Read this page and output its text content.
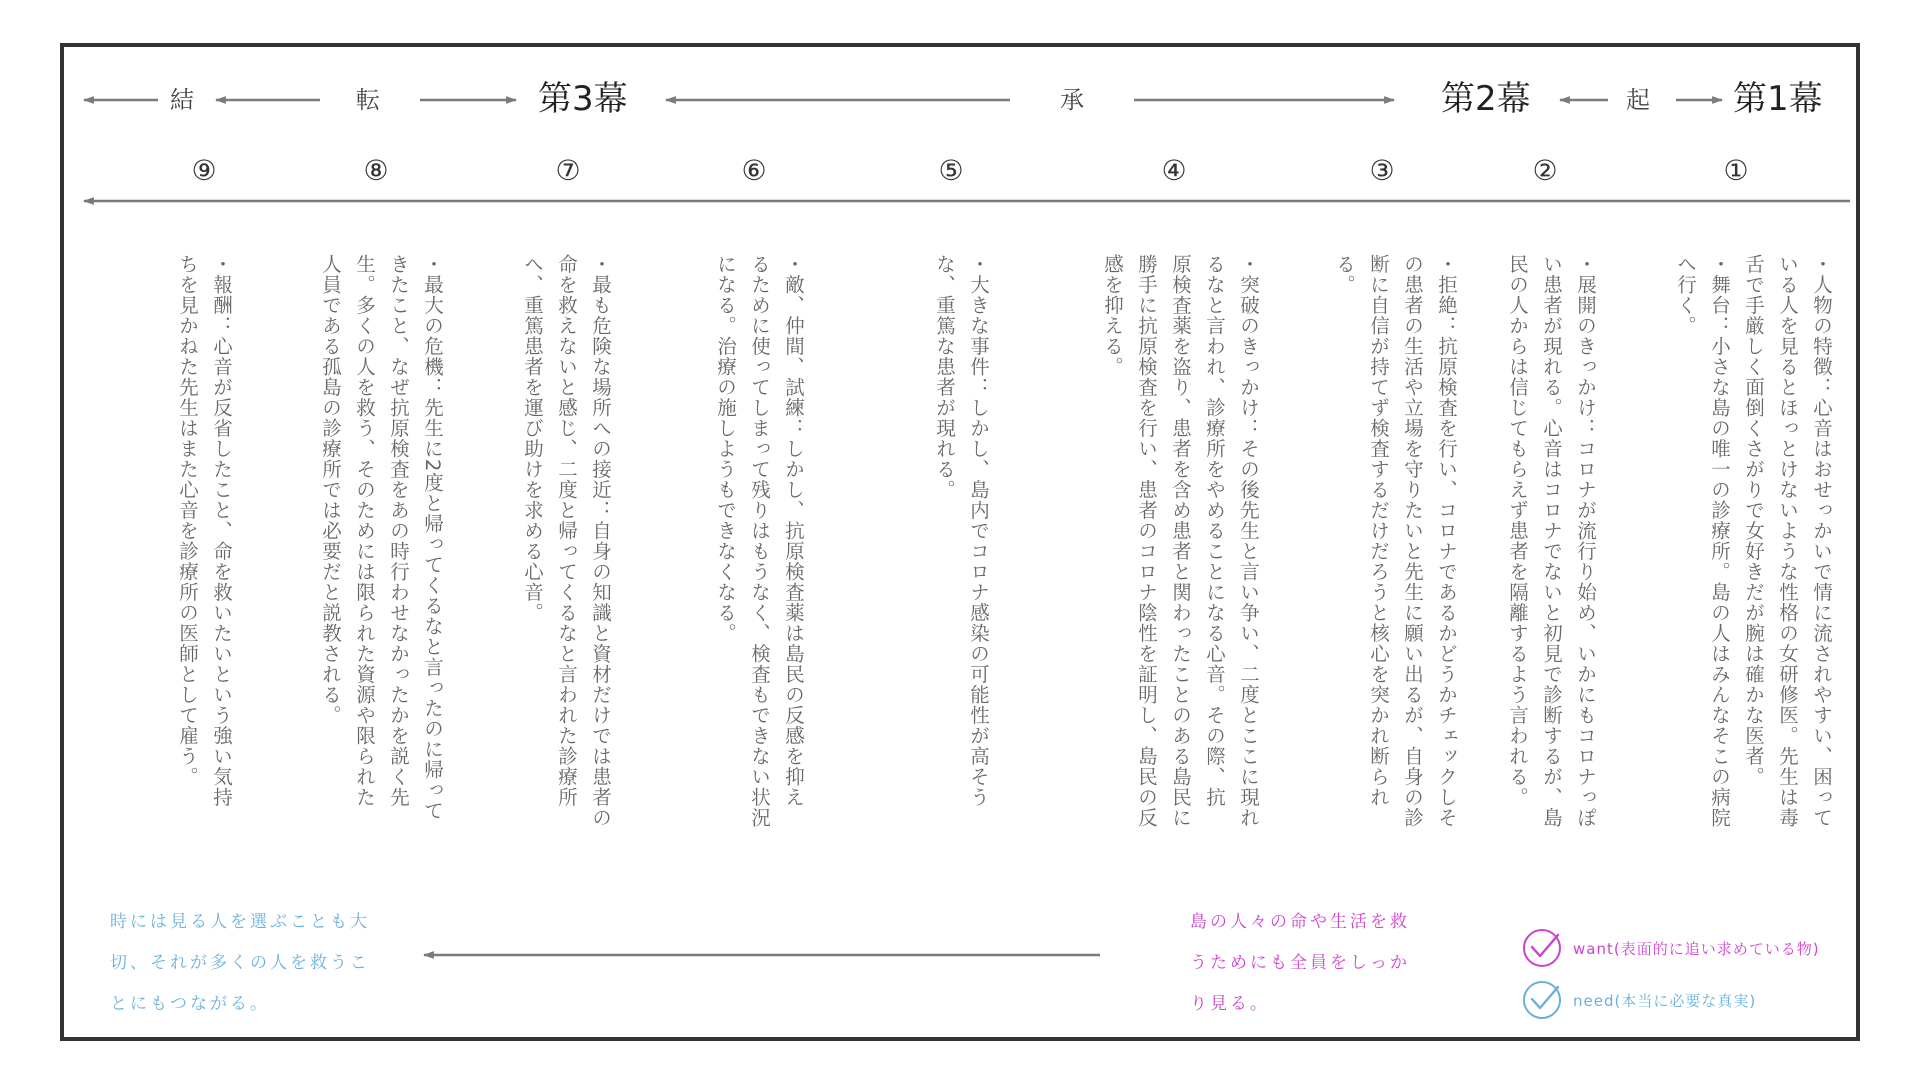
第1幕
起
第2幕
承
第3幕
転
結
①
②
③
④
⑤
⑥
⑦
⑧
⑨

・人物の特徴：心音はおせっかいで情に流されやすい、困って

いる人を見るとほっとけないような性格の女研修医。先生は毒

舌で手厳しく面倒くさがりで女好きだが腕は確かな医者。

・舞台：小さな島の唯一の診療所。島の人はみんなそこの病院

へ行く。

・展開のきっかけ：コロナが流行り始め、いかにもコロナっぽ

い患者が現れる。心音はコロナでないと初見で診断するが、島

民の人からは信じてもらえず患者を隔離するよう言われる。

・拒絶：抗原検査を行い、コロナであるかどうかチェックしそ

の患者の生活や立場を守りたいと先生に願い出るが、自身の診

断に自信が持てず検査するだけだろうと核心を突かれ断られ

る。

・突破のきっかけ：その後先生と言い争い、二度とここに現れ

るなと言われ、診療所をやめることになる心音。その際、抗

原検査薬を盗り、患者を含め患者と関わったことのある島民に

勝手に抗原検査を行い、患者のコロナ陰性を証明し、島民の反

感を抑える。

・大きな事件：しかし、島内でコロナ感染の可能性が高そう

な、重篤な患者が現れる。

・敵、仲間、試練：しかし、抗原検査薬は島民の反感を抑え

るために使ってしまって残りはもうなく、検査もできない状況

になる。治療の施しようもできなくなる。

・最も危険な場所への接近：自身の知識と資材だけでは患者の

命を救えないと感じ、二度と帰ってくるなと言われた診療所

へ、重篤患者を運び助けを求める心音。

・最大の危機：先生に2度と帰ってくるなと言ったのに帰って

きたこと、なぜ抗原検査をあの時行わせなかったかを説く先

生。多くの人を救う、そのためには限られた資源や限られた

人員である孤島の診療所では必要だと説教される。

・報酬：心音が反省したこと、命を救いたいという強い気持

ちを見かねた先生はまた心音を診療所の医師として雇う。

島の人々の命や生活を救
うためにも全員をしっか
り見る。
時には見る人を選ぶことも大
切、それが多くの人を救うこ
とにもつながる。
want(表面的に追い求めている物)
need(本当に必要な真実)
